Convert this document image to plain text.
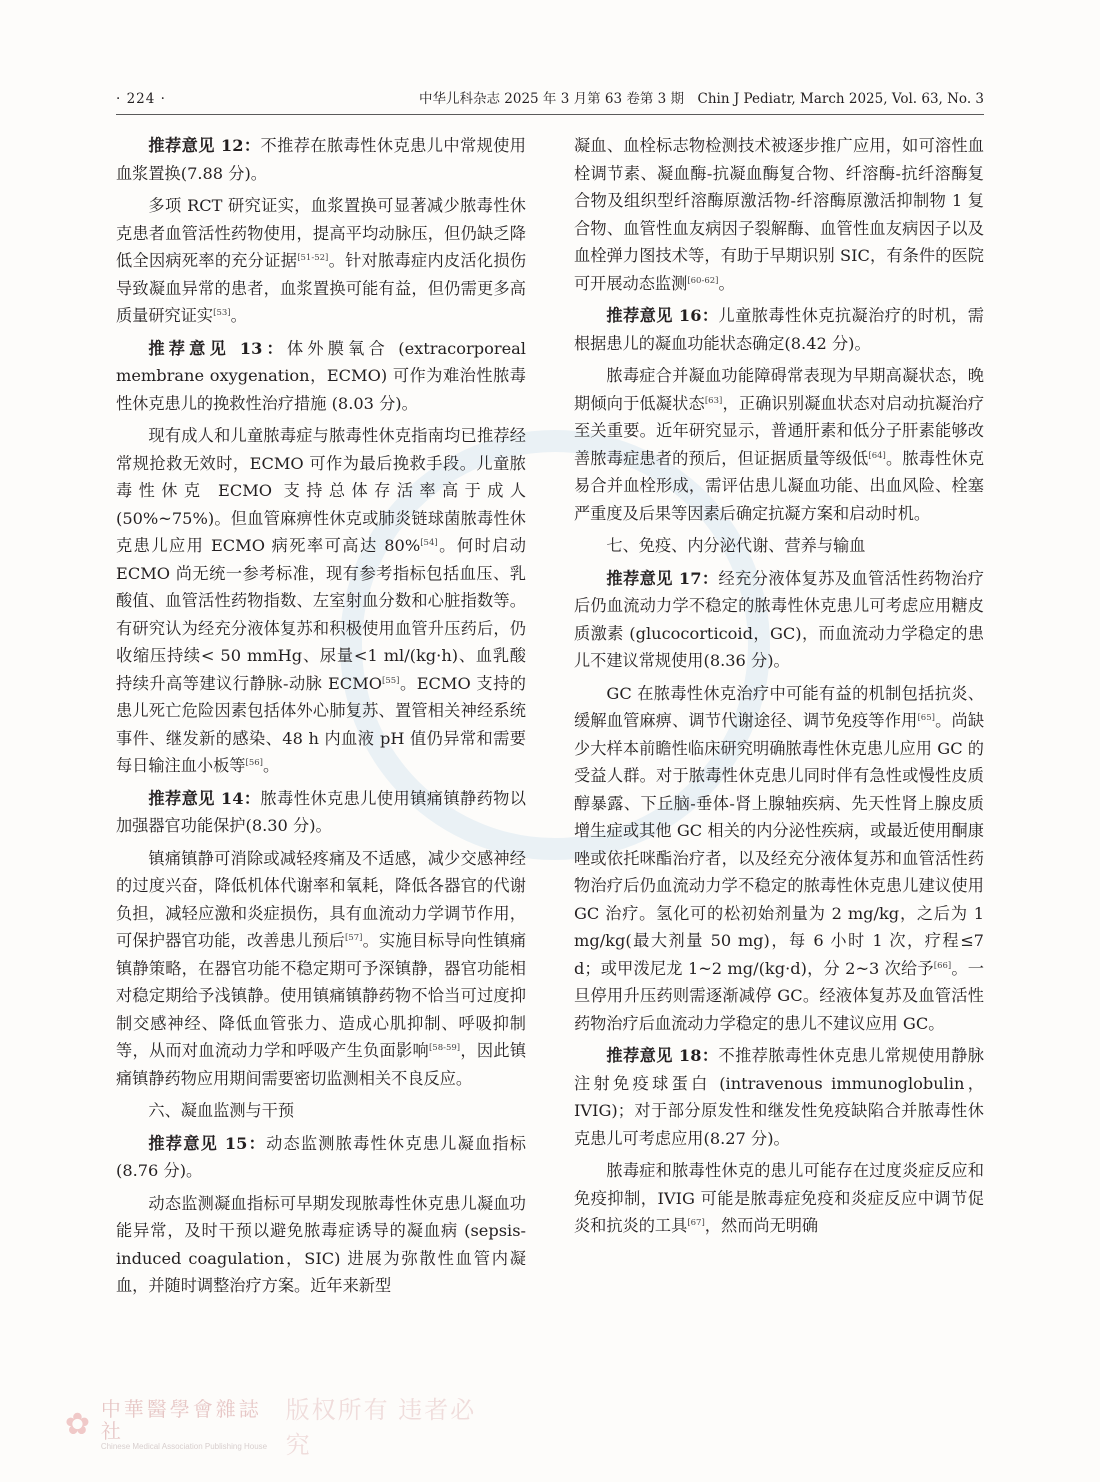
· 224 ·	中华儿科杂志 2025 年 3 月第 63 卷第 3 期　Chin J Pediatr, March 2025, Vol. 63, No. 3

推荐意见 12：不推荐在脓毒性休克患儿中常规使用血浆置换(7.88 分)。

多项 RCT 研究证实，血浆置换可显著减少脓毒性休克患者血管活性药物使用，提高平均动脉压，但仍缺乏降低全因病死率的充分证据[51-52]。针对脓毒症内皮活化损伤导致凝血异常的患者，血浆置换可能有益，但仍需更多高质量研究证实[53]。

推荐意见 13：体外膜氧合 (extracorporeal membrane oxygenation，ECMO) 可作为难治性脓毒性休克患儿的挽救性治疗措施 (8.03 分)。

现有成人和儿童脓毒症与脓毒性休克指南均已推荐经常规抢救无效时，ECMO 可作为最后挽救手段。儿童脓毒性休克 ECMO 支持总体存活率高于成人 (50%~75%)。但血管麻痹性休克或肺炎链球菌脓毒性休克患儿应用 ECMO 病死率可高达 80%[54]。何时启动 ECMO 尚无统一参考标准，现有参考指标包括血压、乳酸值、血管活性药物指数、左室射血分数和心脏指数等。有研究认为经充分液体复苏和积极使用血管升压药后，仍收缩压持续< 50 mmHg、尿量<1 ml/(kg·h)、血乳酸持续升高等建议行静脉-动脉 ECMO[55]。ECMO 支持的患儿死亡危险因素包括体外心肺复苏、置管相关神经系统事件、继发新的感染、48 h 内血液 pH 值仍异常和需要每日输注血小板等[56]。

推荐意见 14：脓毒性休克患儿使用镇痛镇静药物以加强器官功能保护(8.30 分)。

镇痛镇静可消除或减轻疼痛及不适感，减少交感神经的过度兴奋，降低机体代谢率和氧耗，降低各器官的代谢负担，减轻应激和炎症损伤，具有血流动力学调节作用，可保护器官功能，改善患儿预后[57]。实施目标导向性镇痛镇静策略，在器官功能不稳定期可予深镇静，器官功能相对稳定期给予浅镇静。使用镇痛镇静药物不恰当可过度抑制交感神经、降低血管张力、造成心肌抑制、呼吸抑制等，从而对血流动力学和呼吸产生负面影响[58-59]，因此镇痛镇静药物应用期间需要密切监测相关不良反应。

六、凝血监测与干预

推荐意见 15：动态监测脓毒性休克患儿凝血指标(8.76 分)。

动态监测凝血指标可早期发现脓毒性休克患儿凝血功能异常，及时干预以避免脓毒症诱导的凝血病 (sepsis-induced coagulation，SIC) 进展为弥散性血管内凝血，并随时调整治疗方案。近年来新型

凝血、血栓标志物检测技术被逐步推广应用，如可溶性血栓调节素、凝血酶-抗凝血酶复合物、纤溶酶-抗纤溶酶复合物及组织型纤溶酶原激活物-纤溶酶原激活抑制物 1 复合物、血管性血友病因子裂解酶、血管性血友病因子以及血栓弹力图技术等，有助于早期识别 SIC，有条件的医院可开展动态监测[60-62]。

推荐意见 16：儿童脓毒性休克抗凝治疗的时机，需根据患儿的凝血功能状态确定(8.42 分)。

脓毒症合并凝血功能障碍常表现为早期高凝状态，晚期倾向于低凝状态[63]，正确识别凝血状态对启动抗凝治疗至关重要。近年研究显示，普通肝素和低分子肝素能够改善脓毒症患者的预后，但证据质量等级低[64]。脓毒性休克易合并血栓形成，需评估患儿凝血功能、出血风险、栓塞严重度及后果等因素后确定抗凝方案和启动时机。

七、免疫、内分泌代谢、营养与输血

推荐意见 17：经充分液体复苏及血管活性药物治疗后仍血流动力学不稳定的脓毒性休克患儿可考虑应用糖皮质激素 (glucocorticoid，GC)，而血流动力学稳定的患儿不建议常规使用(8.36 分)。

GC 在脓毒性休克治疗中可能有益的机制包括抗炎、缓解血管麻痹、调节代谢途径、调节免疫等作用[65]。尚缺少大样本前瞻性临床研究明确脓毒性休克患儿应用 GC 的受益人群。对于脓毒性休克患儿同时伴有急性或慢性皮质醇暴露、下丘脑-垂体-肾上腺轴疾病、先天性肾上腺皮质增生症或其他 GC 相关的内分泌性疾病，或最近使用酮康唑或依托咪酯治疗者，以及经充分液体复苏和血管活性药物治疗后仍血流动力学不稳定的脓毒性休克患儿建议使用 GC 治疗。氢化可的松初始剂量为 2 mg/kg，之后为 1 mg/kg(最大剂量 50 mg)，每 6 小时 1 次，疗程≤7 d；或甲泼尼龙 1~2 mg/(kg·d)，分 2~3 次给予[66]。一旦停用升压药则需逐渐减停 GC。经液体复苏及血管活性药物治疗后血流动力学稳定的患儿不建议应用 GC。

推荐意见 18：不推荐脓毒性休克患儿常规使用静脉注射免疫球蛋白 (intravenous immunoglobulin，IVIG)；对于部分原发性和继发性免疫缺陷合并脓毒性休克患儿可考虑应用(8.27 分)。

脓毒症和脓毒性休克的患儿可能存在过度炎症反应和免疫抑制，IVIG 可能是脓毒症免疫和炎症反应中调节促炎和抗炎的工具[67]，然而尚无明确

✿ 中華醫學會雜誌社
Chinese Medical Association Publishing House
版权所有 违者必究
